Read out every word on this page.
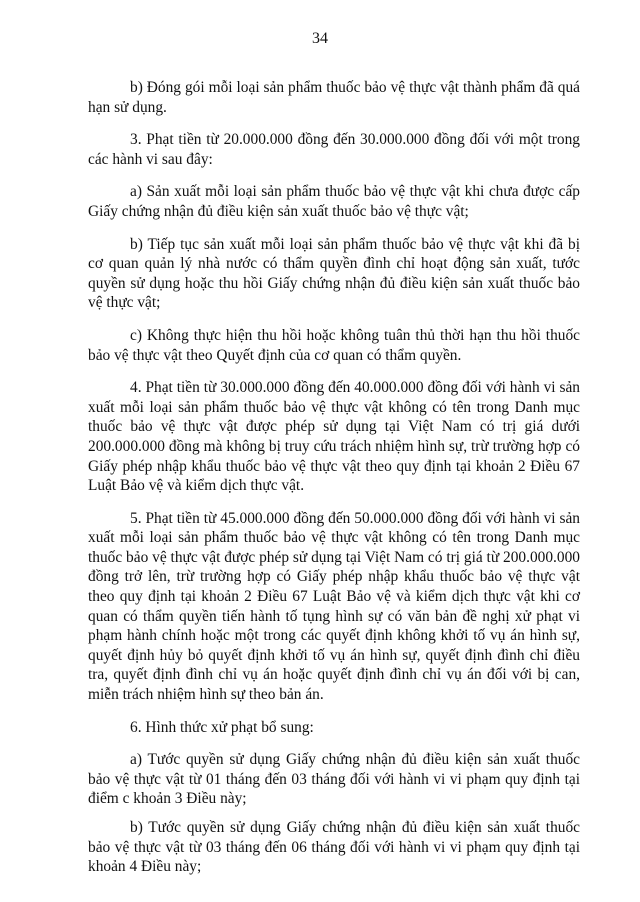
34

b) Đóng gói mỗi loại sản phẩm thuốc bảo vệ thực vật thành phẩm đã quá hạn sử dụng.

3. Phạt tiền từ 20.000.000 đồng đến 30.000.000 đồng đối với một trong các hành vi sau đây:

a) Sản xuất mỗi loại sản phẩm thuốc bảo vệ thực vật khi chưa được cấp Giấy chứng nhận đủ điều kiện sản xuất thuốc bảo vệ thực vật;

b) Tiếp tục sản xuất mỗi loại sản phẩm thuốc bảo vệ thực vật khi đã bị cơ quan quản lý nhà nước có thẩm quyền đình chỉ hoạt động sản xuất, tước quyền sử dụng hoặc thu hồi Giấy chứng nhận đủ điều kiện sản xuất thuốc bảo vệ thực vật;

c) Không thực hiện thu hồi hoặc không tuân thủ thời hạn thu hồi thuốc bảo vệ thực vật theo Quyết định của cơ quan có thẩm quyền.

4. Phạt tiền từ 30.000.000 đồng đến 40.000.000 đồng đối với hành vi sản xuất mỗi loại sản phẩm thuốc bảo vệ thực vật không có tên trong Danh mục thuốc bảo vệ thực vật được phép sử dụng tại Việt Nam có trị giá dưới 200.000.000 đồng mà không bị truy cứu trách nhiệm hình sự, trừ trường hợp có Giấy phép nhập khẩu thuốc bảo vệ thực vật theo quy định tại khoản 2 Điều 67 Luật Bảo vệ và kiểm dịch thực vật.

5. Phạt tiền từ 45.000.000 đồng đến 50.000.000 đồng đối với hành vi sản xuất mỗi loại sản phẩm thuốc bảo vệ thực vật không có tên trong Danh mục thuốc bảo vệ thực vật được phép sử dụng tại Việt Nam có trị giá từ 200.000.000 đồng trở lên, trừ trường hợp có Giấy phép nhập khẩu thuốc bảo vệ thực vật theo quy định tại khoản 2 Điều 67 Luật Bảo vệ và kiểm dịch thực vật khi cơ quan có thẩm quyền tiến hành tố tụng hình sự có văn bản đề nghị xử phạt vi phạm hành chính hoặc một trong các quyết định không khởi tố vụ án hình sự, quyết định hủy bỏ quyết định khởi tố vụ án hình sự, quyết định đình chỉ điều tra, quyết định đình chỉ vụ án hoặc quyết định đình chỉ vụ án đối với bị can, miễn trách nhiệm hình sự theo bản án.

6. Hình thức xử phạt bổ sung:

a) Tước quyền sử dụng Giấy chứng nhận đủ điều kiện sản xuất thuốc bảo vệ thực vật từ 01 tháng đến 03 tháng đối với hành vi vi phạm quy định tại điểm c khoản 3 Điều này;

b) Tước quyền sử dụng Giấy chứng nhận đủ điều kiện sản xuất thuốc bảo vệ thực vật từ 03 tháng đến 06 tháng đối với hành vi vi phạm quy định tại khoản 4 Điều này;
